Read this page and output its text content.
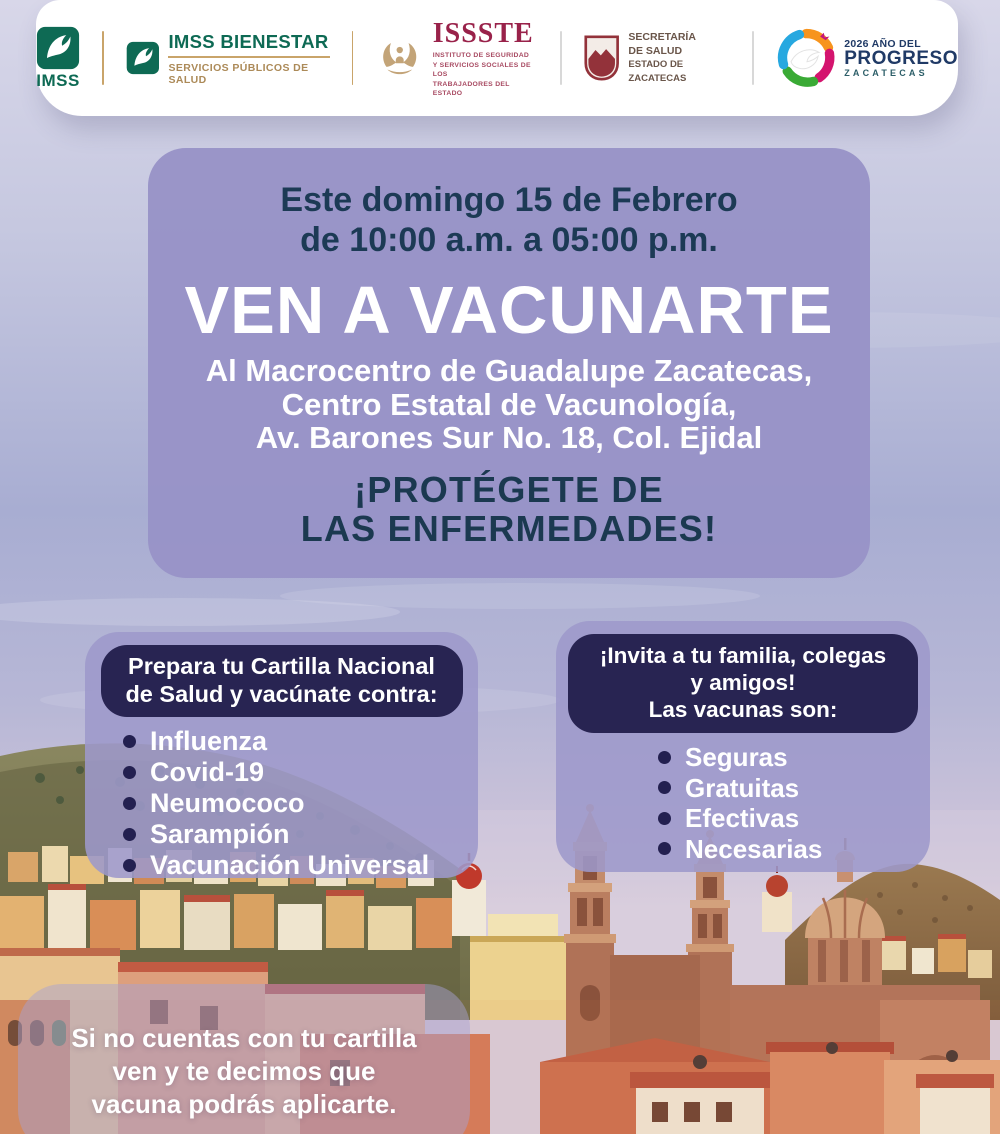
IMSS
IMSS BIENESTAR
SERVICIOS PÚBLICOS DE SALUD
ISSSTE
INSTITUTO DE SEGURIDAD
Y SERVICIOS SOCIALES DE LOS
TRABAJADORES DEL ESTADO
SECRETARÍA
DE SALUD
ESTADO DE ZACATECAS
2026 AÑO DEL
PROGRESO
ZACATECAS
Este domingo 15 de Febrero
de 10:00 a.m. a 05:00 p.m.
VEN A VACUNARTE
Al Macrocentro de Guadalupe Zacatecas,
Centro Estatal de Vacunología,
Av. Barones Sur No. 18, Col. Ejidal
¡PROTÉGETE DE
LAS ENFERMEDADES!
Prepara tu Cartilla Nacional
de Salud y vacúnate contra:
Influenza
Covid-19
Neumococo
Sarampión
Vacunación Universal
¡Invita a tu familia, colegas
y amigos!
Las vacunas son:
Seguras
Gratuitas
Efectivas
Necesarias
Si no cuentas con tu cartilla
ven y te decimos que
vacuna podrás aplicarte.
